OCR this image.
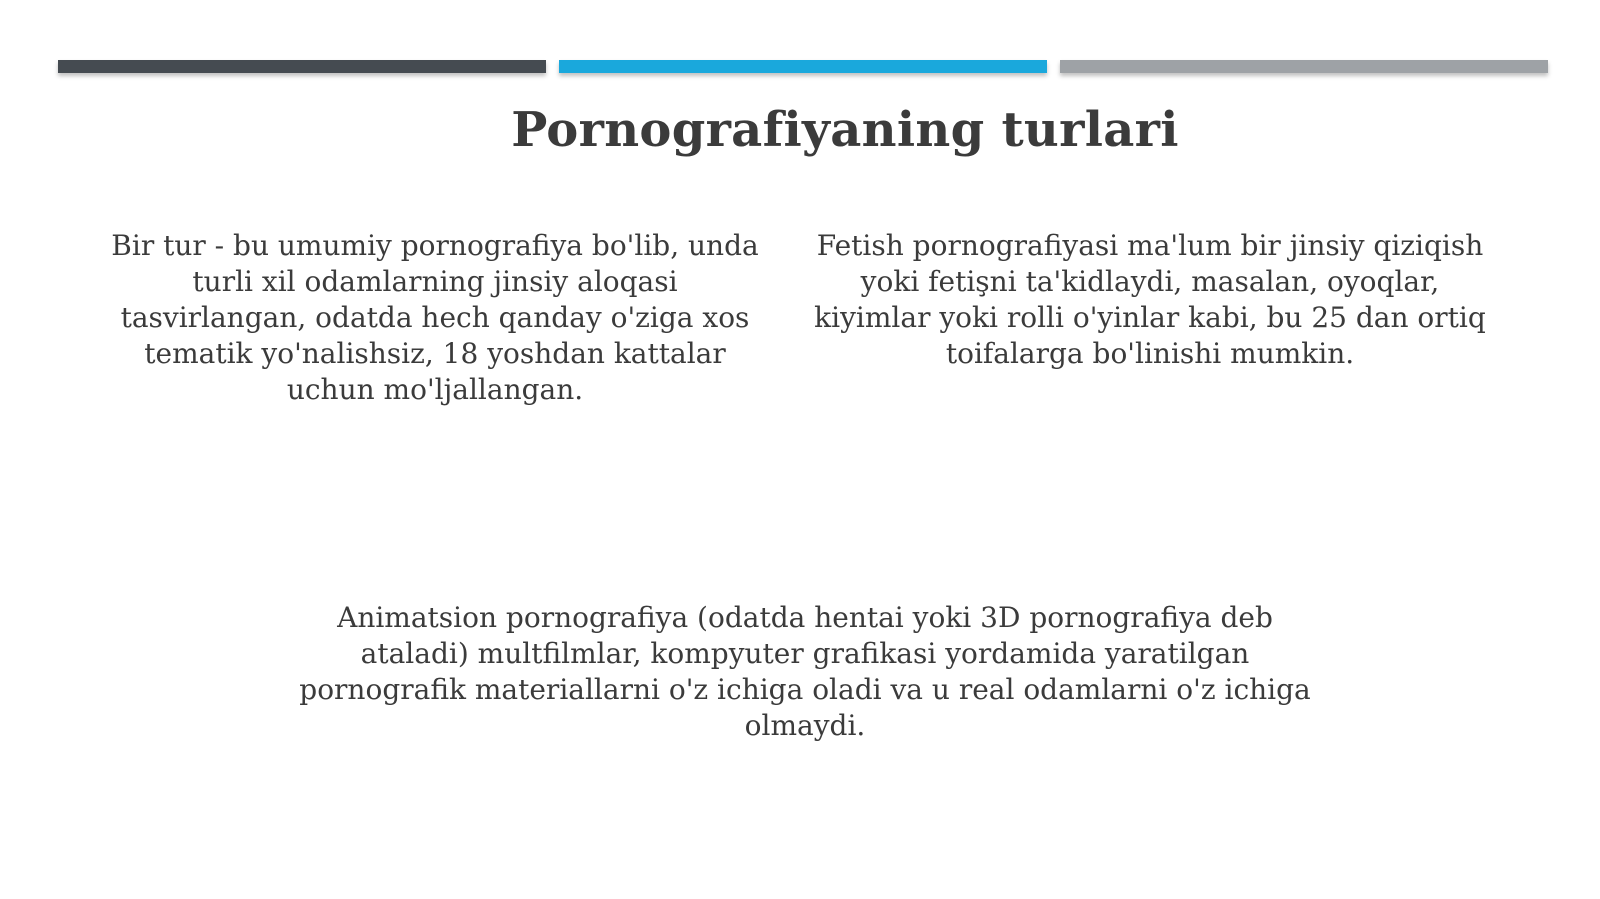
Pornografiyaning turlari

Bir tur - bu umumiy pornografiya bo'lib, unda turli xil odamlarning jinsiy aloqasi tasvirlangan, odatda hech qanday o'ziga xos tematik yo'nalishsiz, 18 yoshdan kattalar uchun mo'ljallangan.

Fetish pornografiyasi ma'lum bir jinsiy qiziqish yoki fetişni ta'kidlaydi, masalan, oyoqlar, kiyimlar yoki rolli o'yinlar kabi, bu 25 dan ortiq toifalarga bo'linishi mumkin.

Animatsion pornografiya (odatda hentai yoki 3D pornografiya deb ataladi) multfilmlar, kompyuter grafikasi yordamida yaratilgan pornografik materiallarni o'z ichiga oladi va u real odamlarni o'z ichiga olmaydi.
